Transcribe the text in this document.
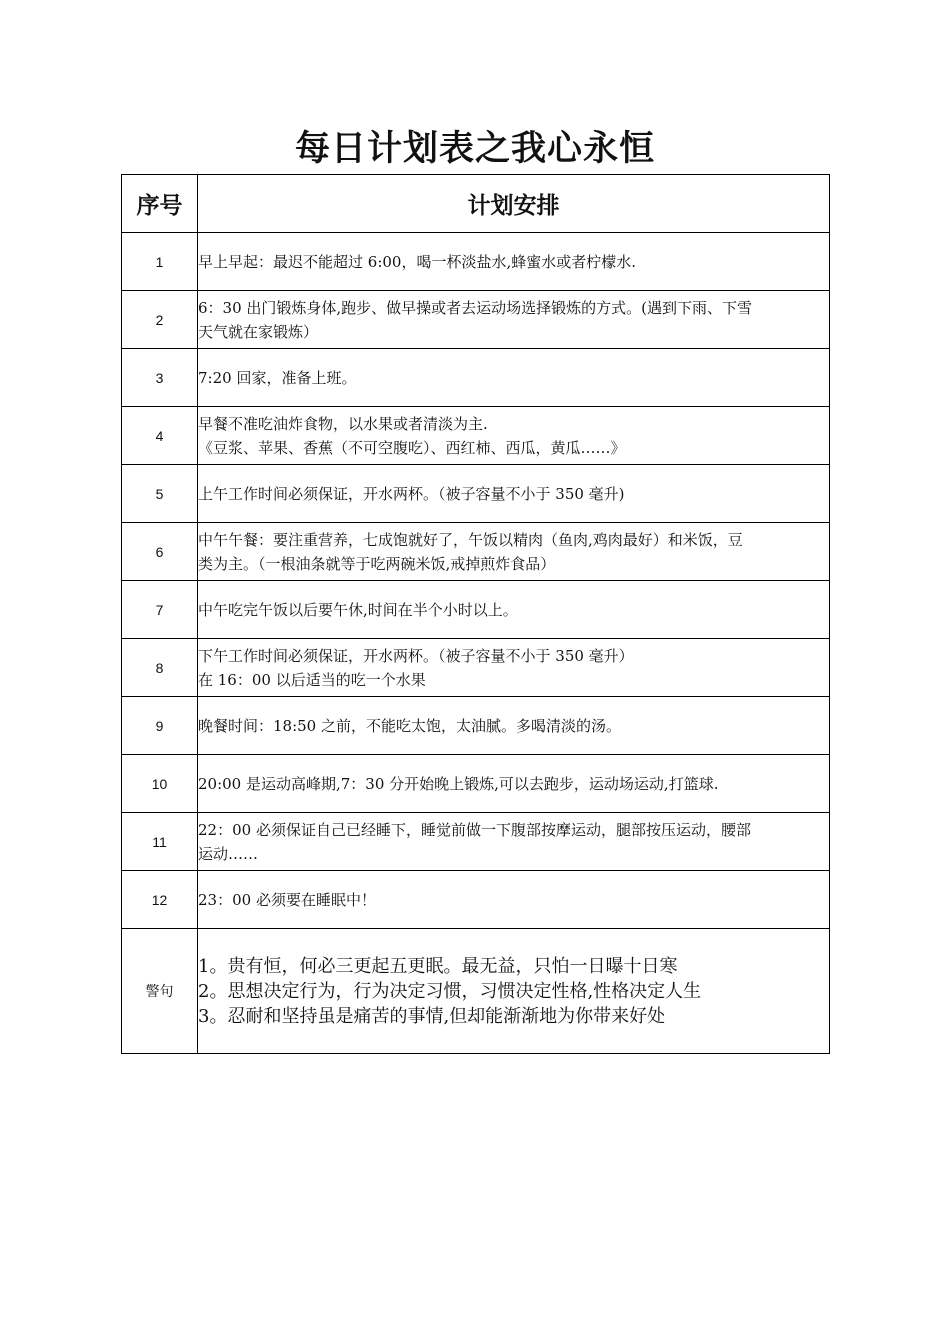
每日计划表之我心永恒
序号	计划安排
1	早上早起：最迟不能超过 6:00，喝一杯淡盐水,蜂蜜水或者柠檬水.

2	6：30 出门锻炼身体,跑步、做早操或者去运动场选择锻炼的方式。(遇到下雨、下雪
天气就在家锻炼）

3	7:20 回家，准备上班。

4	早餐不准吃油炸食物，以水果或者清淡为主.
《豆浆、苹果、香蕉（不可空腹吃）、西红柿、西瓜，黄瓜……》

5	上午工作时间必须保证，开水两杯。（被子容量不小于 350 毫升)

6	中午午餐：要注重营养，七成饱就好了，午饭以精肉（鱼肉,鸡肉最好）和米饭，豆
类为主。（一根油条就等于吃两碗米饭,戒掉煎炸食品）

7	中午吃完午饭以后要午休,时间在半个小时以上。

8	下午工作时间必须保证，开水两杯。（被子容量不小于 350 毫升）
在 16：00 以后适当的吃一个水果

9	晚餐时间：18:50 之前，不能吃太饱，太油腻。多喝清淡的汤。

10	20:00 是运动高峰期,7：30 分开始晚上锻炼,可以去跑步，运动场运动,打篮球.

11	22：00 必须保证自己已经睡下，睡觉前做一下腹部按摩运动，腿部按压运动，腰部
运动……

12	23：00 必须要在睡眠中！

警句	1。贵有恒，何必三更起五更眠。最无益，只怕一日曝十日寒
2。思想决定行为，行为决定习惯，习惯决定性格,性格决定人生
3。忍耐和坚持虽是痛苦的事情,但却能渐渐地为你带来好处
